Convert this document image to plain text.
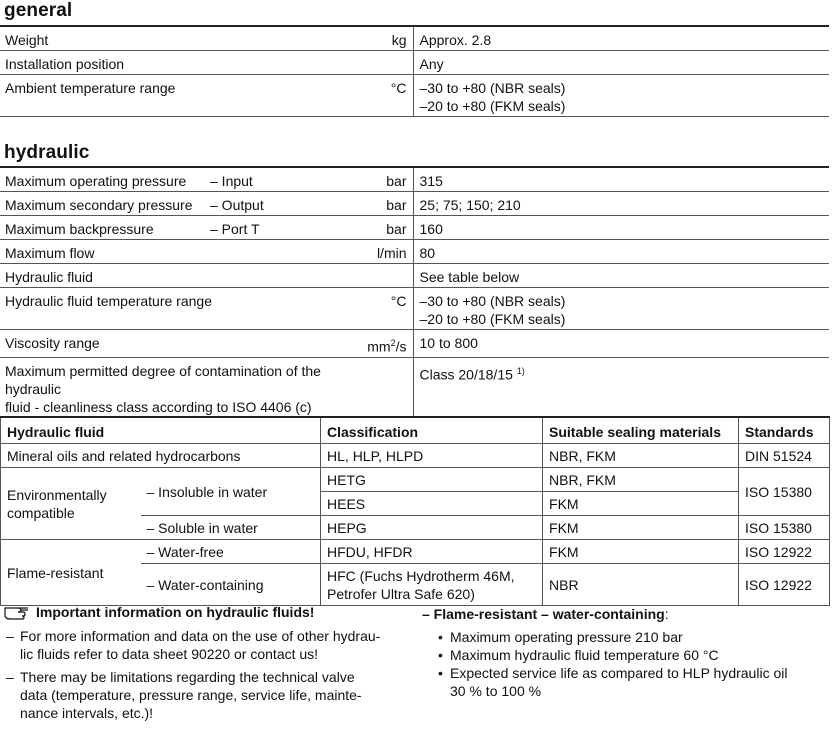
general
Weight	kg	Approx. 2.8
Installation position		Any
Ambient temperature range	°C	–30 to +80 (NBR seals)
–20 to +80 (FKM seals)
hydraulic
Maximum operating pressure	– Input	bar	315
Maximum secondary pressure	– Output	bar	25; 75; 150; 210
Maximum backpressure	– Port T	bar	160
Maximum flow		l/min	80
Hydraulic fluid			See table below
Hydraulic fluid temperature range		°C	–30 to +80 (NBR seals)
–20 to +80 (FKM seals)

Viscosity range		$mm^2/s$	10 to 800

Maximum permitted degree of contamination of the hydraulic
fluid - cleanliness class according to ISO 4406 (c)			Class 20/18/15 $^{1)}$
Hydraulic fluid		Classification	Suitable sealing materials	Standards
Mineral oils and related hydrocarbons		HL, HLP, HLPD	NBR, FKM	DIN 51524

Environmentally
compatible	– Insoluble in water	HETG	NBR, FKM	ISO 15380
		HEES	FKM	
	– Soluble in water	HEPG	FKM	ISO 15380
Flame-resistant	– Water-free	HFDU, HFDR	FKM	ISO 12922
	– Water-containing	HFC (Fuchs Hydrotherm 46M,
Petrofer Ultra Safe 620)	NBR	ISO 12922
Important information on hydraulic fluids!
– For more information and data on the use of other hydrau-
lic fluids refer to data sheet 90220 or contact us!
– There may be limitations regarding the technical valve
data (temperature, pressure range, service life, mainte-
nance intervals, etc.)!
– Flame-resistant – water-containing:
• Maximum operating pressure 210 bar
• Maximum hydraulic fluid temperature 60 °C
• Expected service life as compared to HLP hydraulic oil
30 % to 100 %
